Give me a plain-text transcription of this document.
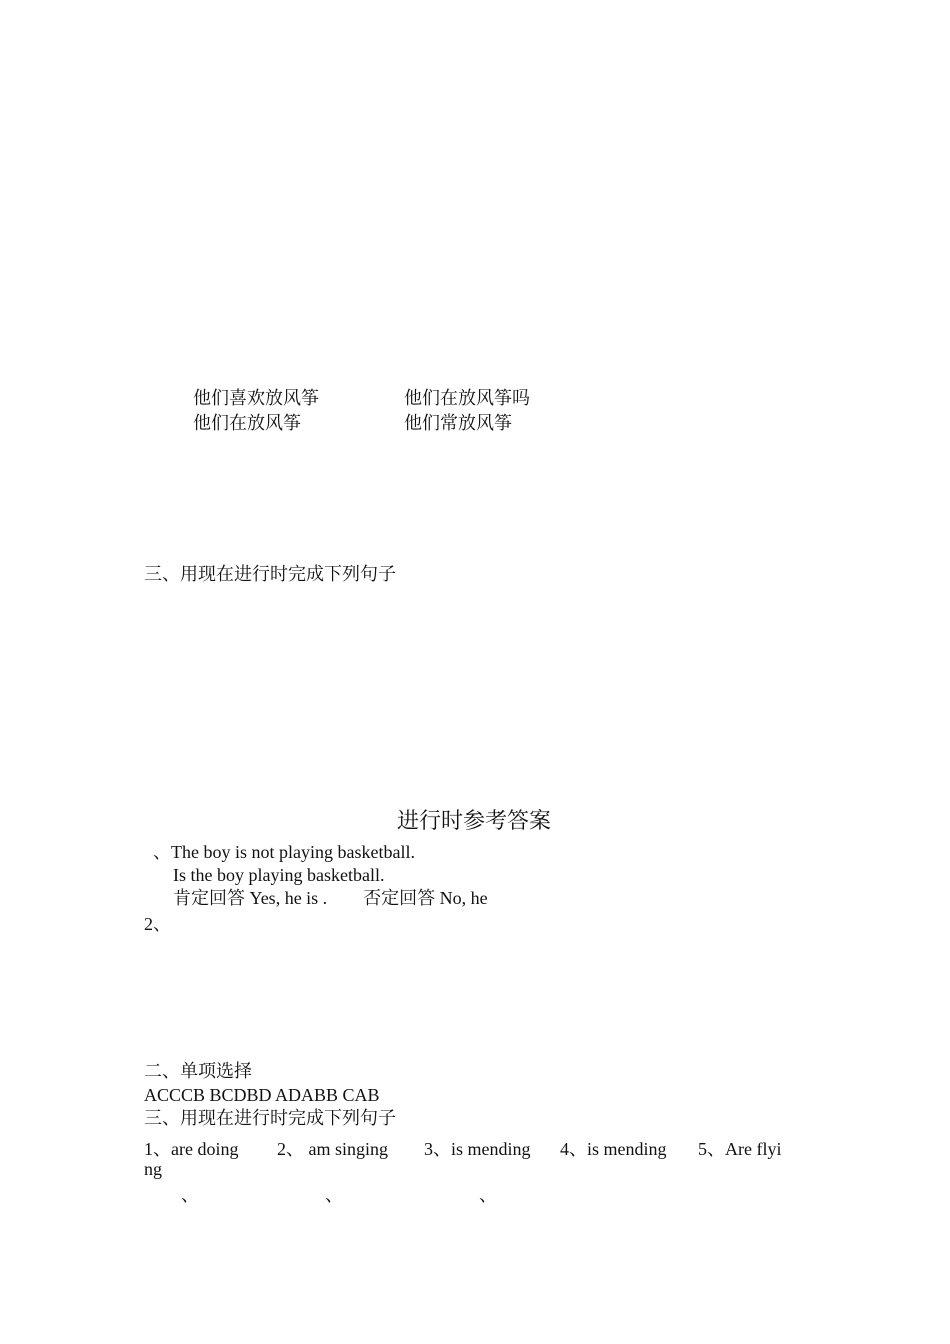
他们喜欢放风筝	他们在放风筝吗
他们在放风筝	他们常放风筝
三、用现在进行时完成下列句子
进行时参考答案
、The boy is not playing basketball.
Is the boy playing basketball.
肯定回答 Yes, he is .        否定回答 No, he
2、
二、单项选择
ACCCB BCDBD ADABB CAB
三、用现在进行时完成下列句子
1、are doing 2、 am singing 3、is mending 4、is mending 5、Are flyi
ng
、	、	、
